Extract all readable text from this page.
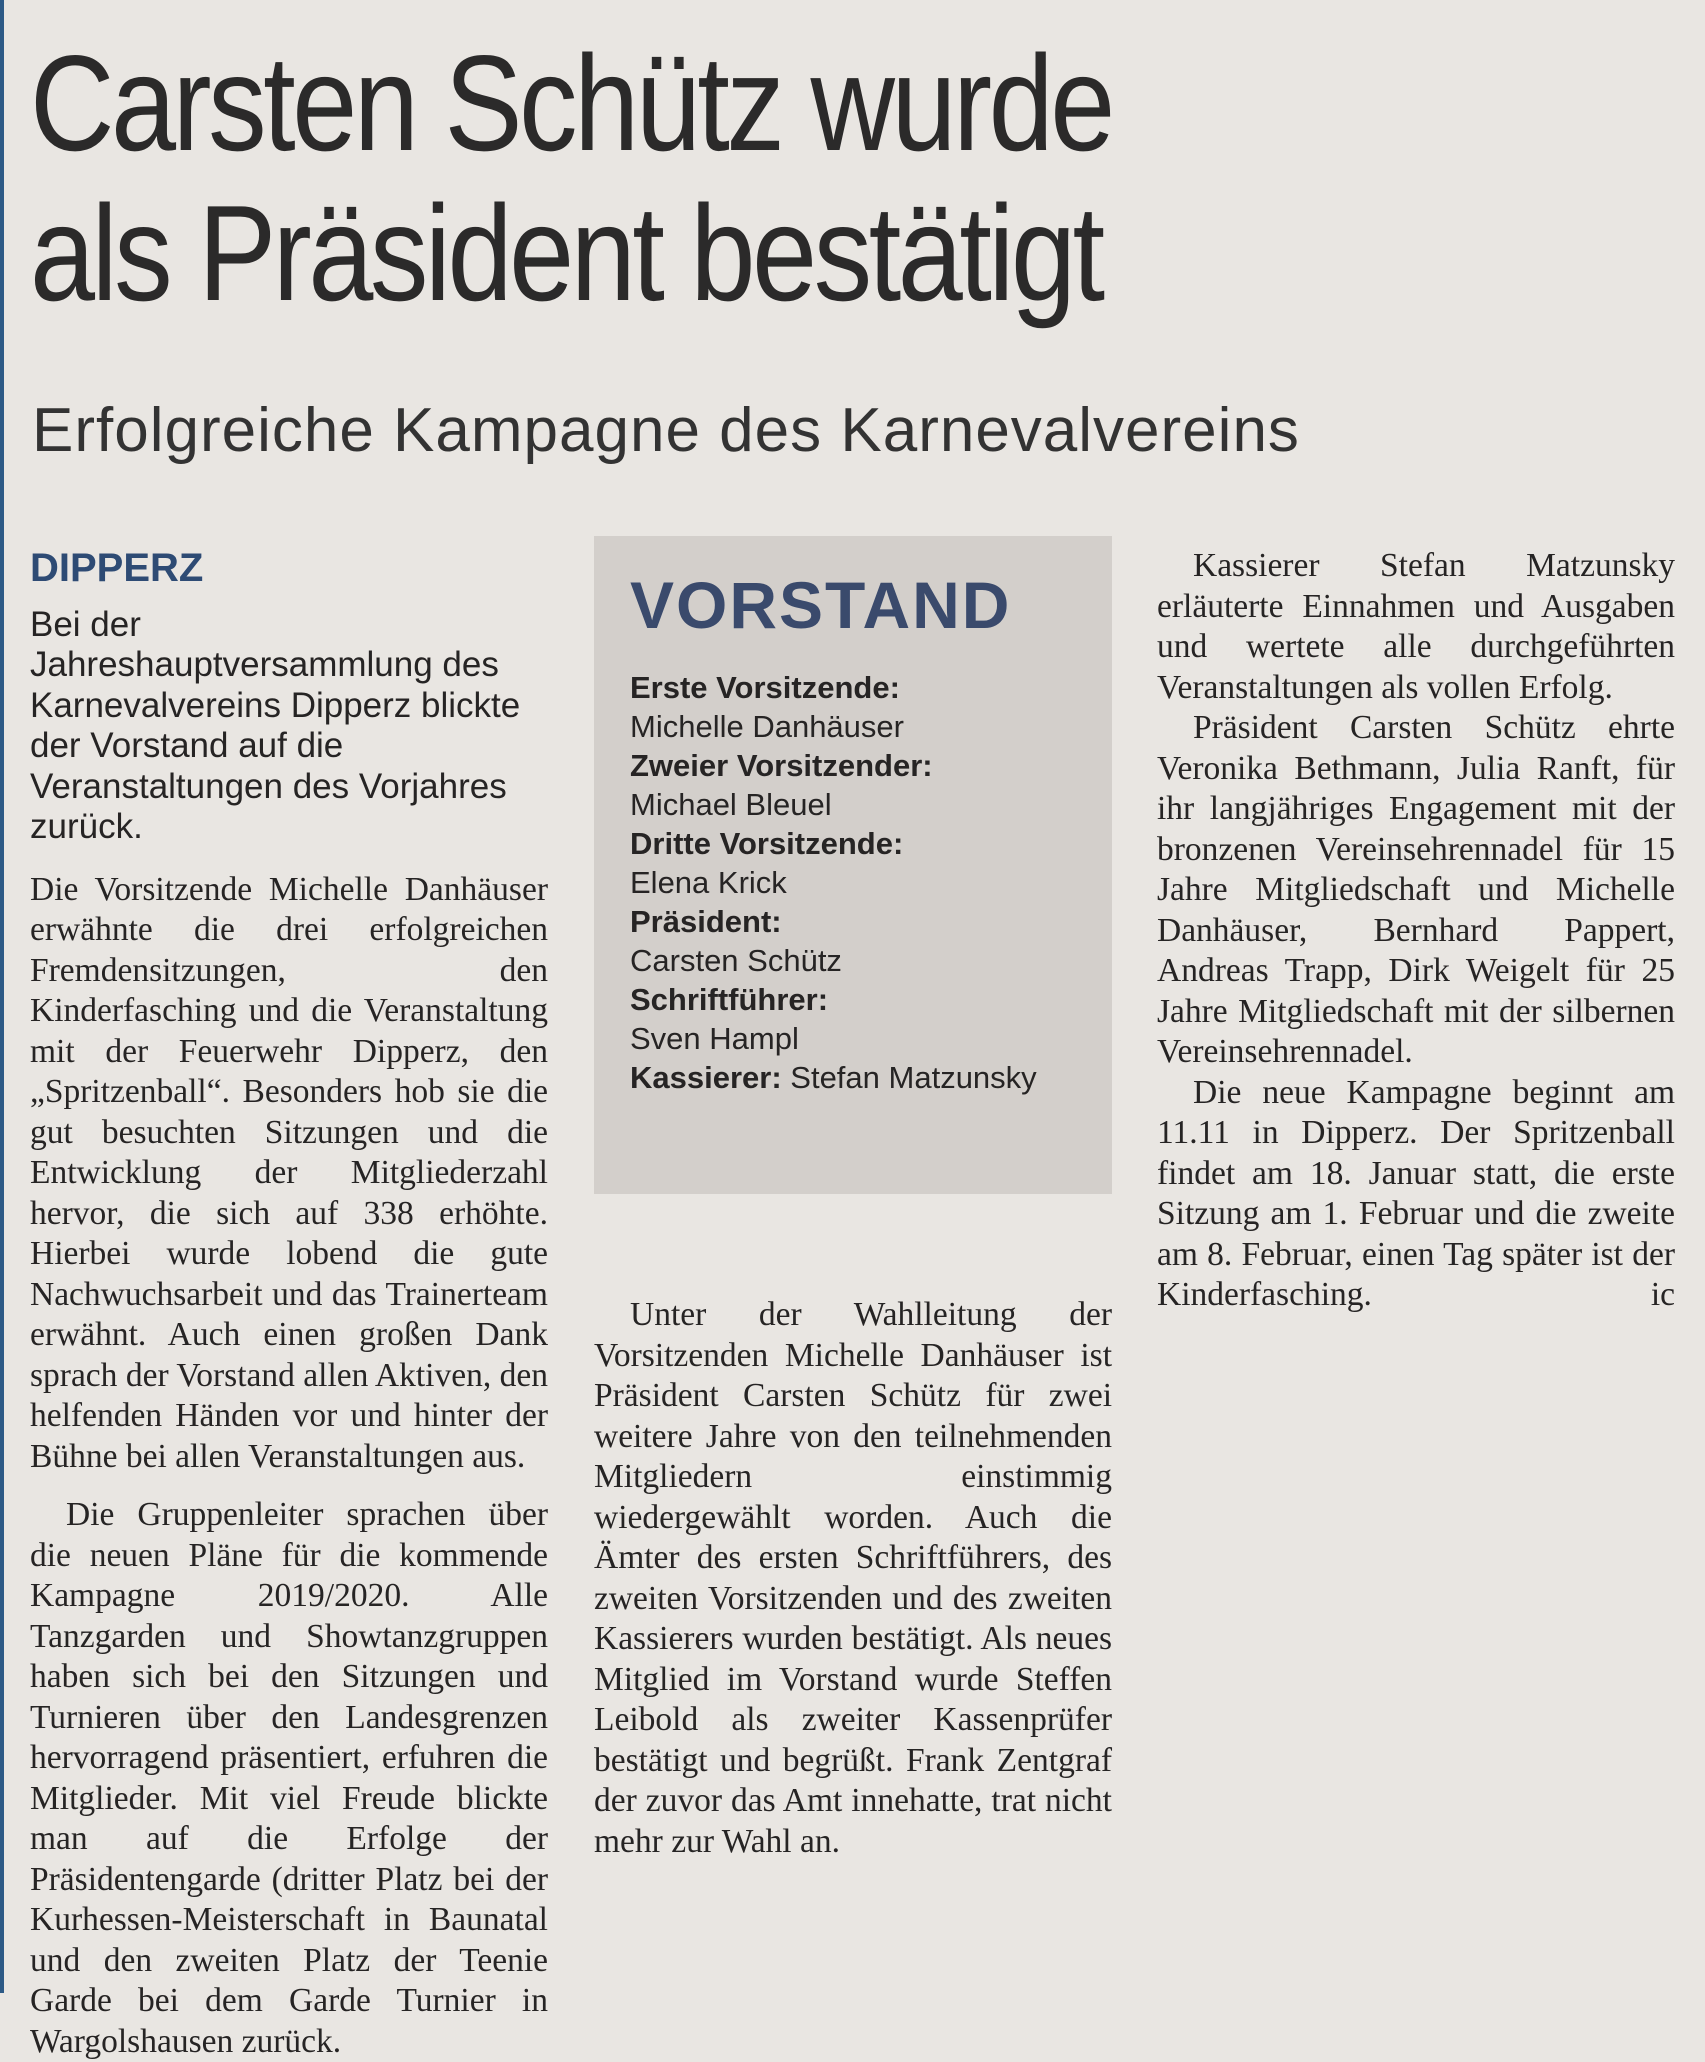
Carsten Schütz wurde
als Präsident bestätigt
Erfolgreiche Kampagne des Karnevalvereins
DIPPERZ

Bei der Jahreshauptversammlung des Karnevalvereins Dipperz blickte der Vorstand auf die Veranstaltungen des Vorjahres zurück.

Die Vorsitzende Michelle Danhäuser erwähnte die drei erfolgreichen Fremdensitzungen, den Kinderfasching und die Veranstaltung mit der Feuerwehr Dipperz, den „Spritzenball“. Besonders hob sie die gut besuchten Sitzungen und die Entwicklung der Mitgliederzahl hervor, die sich auf 338 erhöhte. Hierbei wurde lobend die gute Nachwuchsarbeit und das Trainerteam erwähnt. Auch einen großen Dank sprach der Vorstand allen Aktiven, den helfenden Händen vor und hinter der Bühne bei allen Veranstaltungen aus.

Die Gruppenleiter sprachen über die neuen Pläne für die kommende Kampagne 2019/2020. Alle Tanzgarden und Showtanzgruppen haben sich bei den Sitzungen und Turnieren über den Landesgrenzen hervorragend präsentiert, erfuhren die Mitglieder. Mit viel Freude blickte man auf die Erfolge der Präsidentengarde (dritter Platz bei der Kurhessen-Meisterschaft in Baunatal und den zweiten Platz der Teenie Garde bei dem Garde Turnier in Wargolshausen zurück.

VORSTAND
Erste Vorsitzende:
Michelle Danhäuser
Zweier Vorsitzender:
Michael Bleuel
Dritte Vorsitzende:
Elena Krick
Präsident:
Carsten Schütz
Schriftführer:
Sven Hampl
Kassierer: Stefan Matzunsky

Unter der Wahlleitung der Vorsitzenden Michelle Danhäuser ist Präsident Carsten Schütz für zwei weitere Jahre von den teilnehmenden Mitgliedern einstimmig wiedergewählt worden. Auch die Ämter des ersten Schriftführers, des zweiten Vorsitzenden und des zweiten Kassierers wurden bestätigt. Als neues Mitglied im Vorstand wurde Steffen Leibold als zweiter Kassenprüfer bestätigt und begrüßt. Frank Zentgraf der zuvor das Amt innehatte, trat nicht mehr zur Wahl an.

Kassierer Stefan Matzunsky erläuterte Einnahmen und Ausgaben und wertete alle durchgeführten Veranstaltungen als vollen Erfolg.

Präsident Carsten Schütz ehrte Veronika Bethmann, Julia Ranft, für ihr langjähriges Engagement mit der bronzenen Vereinsehrennadel für 15 Jahre Mitgliedschaft und Michelle Danhäuser, Bernhard Pappert, Andreas Trapp, Dirk Weigelt für 25 Jahre Mitgliedschaft mit der silbernen Vereinsehrennadel.

Die neue Kampagne beginnt am 11.11 in Dipperz. Der Spritzenball findet am 18. Januar statt, die erste Sitzung am 1. Februar und die zweite am 8. Februar, einen Tag später ist der Kinderfasching.	ic
